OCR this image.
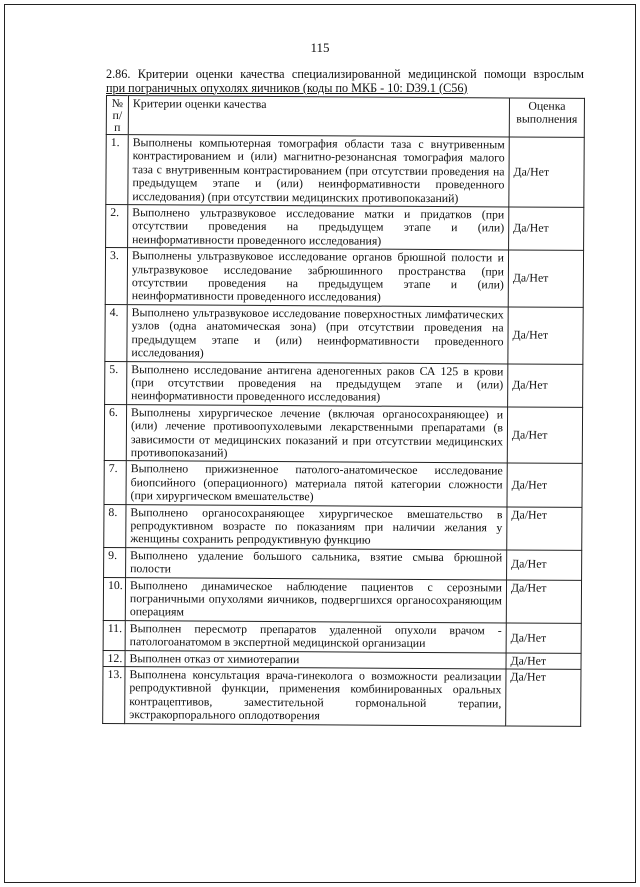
115
2.86. Критерии оценки качества специализированной медицинской помощи взрослым
при пограничных опухолях яичников (коды по МКБ - 10: D39.1 (С56)
№ п/п	Критерии оценки качества	Оценка выполнения
1.	Выполнены компьютерная томография области таза с внутривенным контрастированием и (или) магнитно-резонансная томография малого таза с внутривенным контрастированием (при отсутствии проведения на предыдущем этапе и (или) неинформативности проведенного исследования) (при отсутствии медицинских противопоказаний)	Да/Нет
2.	Выполнено ультразвуковое исследование матки и придатков (при отсутствии проведения на предыдущем этапе и (или) неинформативности проведенного исследования)	Да/Нет
3.	Выполнены ультразвуковое исследование органов брюшной полости и ультразвуковое исследование забрюшинного пространства (при отсутствии проведения на предыдущем этапе и (или) неинформативности проведенного исследования)	Да/Нет
4.	Выполнено ультразвуковое исследование поверхностных лимфатических узлов (одна анатомическая зона) (при отсутствии проведения на предыдущем этапе и (или) неинформативности проведенного исследования)	Да/Нет
5.	Выполнено исследование антигена аденогенных раков СА 125 в крови (при отсутствии проведения на предыдущем этапе и (или) неинформативности проведенного исследования)	Да/Нет
6.	Выполнены хирургическое лечение (включая органосохраняющее) и (или) лечение противоопухолевыми лекарственными препаратами (в зависимости от медицинских показаний и при отсутствии медицинских противопоказаний)	Да/Нет
7.	Выполнено прижизненное патолого-анатомическое исследование биопсийного (операционного) материала пятой категории сложности (при хирургическом вмешательстве)	Да/Нет
8.	Выполнено органосохраняющее хирургическое вмешательство в репродуктивном возрасте по показаниям при наличии желания у женщины сохранить репродуктивную функцию	Да/Нет
9.	Выполнено удаление большого сальника, взятие смыва брюшной полости	Да/Нет
10.	Выполнено динамическое наблюдение пациентов с серозными пограничными опухолями яичников, подвергшихся органосохраняющим операциям	Да/Нет
11.	Выполнен пересмотр препаратов удаленной опухоли врачом - патологоанатомом в экспертной медицинской организации	Да/Нет
12.	Выполнен отказ от химиотерапии	Да/Нет
13.	Выполнена консультация врача-гинеколога о возможности реализации репродуктивной функции, применения комбинированных оральных контрацептивов, заместительной гормональной терапии, экстракорпорального оплодотворения	Да/Нет
